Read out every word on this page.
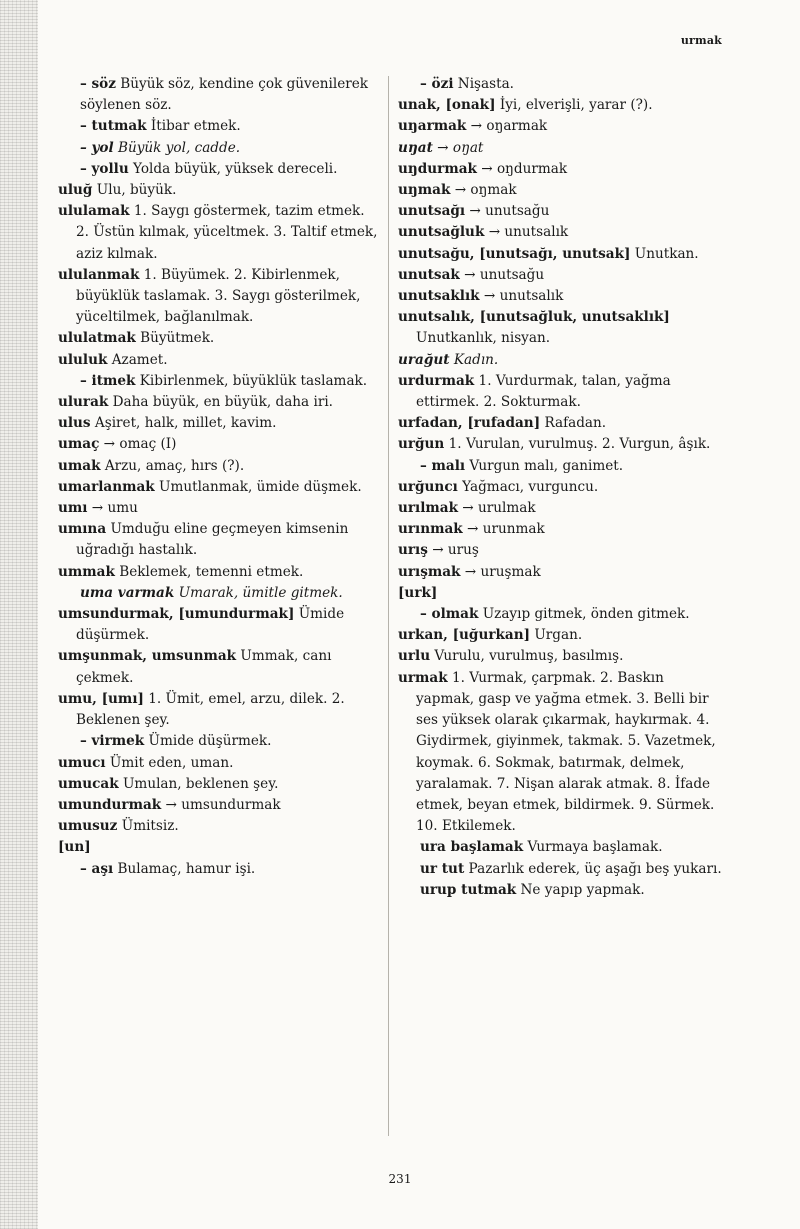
urmak

– söz Büyük söz, kendine çok güvenilerek söylenen söz.

– tutmak İtibar etmek.

– yol Büyük yol, cadde.

– yollu Yolda büyük, yüksek dereceli.

uluğ Ulu, büyük.

ululamak 1. Saygı göstermek, tazim etmek. 2. Üstün kılmak, yüceltmek. 3. Taltif etmek, aziz kılmak.

ululanmak 1. Büyümek. 2. Kibirlenmek, büyüklük taslamak. 3. Saygı gösterilmek, yüceltilmek, bağlanılmak.

ululatmak Büyütmek.

ululuk Azamet.

– itmek Kibirlenmek, büyüklük taslamak.

ulurak Daha büyük, en büyük, daha iri.

ulus Aşiret, halk, millet, kavim.

umaç → omaç (I)

umak Arzu, amaç, hırs (?).

umarlanmak Umutlanmak, ümide düşmek.

umı → umu

umına Umduğu eline geçmeyen kimsenin uğradığı hastalık.

ummak Beklemek, temenni etmek.

uma varmak Umarak, ümitle gitmek.

umsundurmak, [umundurmak] Ümide düşürmek.

umşunmak, umsunmak Ummak, canı çekmek.

umu, [umı] 1. Ümit, emel, arzu, dilek. 2. Beklenen şey.

– virmek Ümide düşürmek.

umucı Ümit eden, uman.

umucak Umulan, beklenen şey.

umundurmak → umsundurmak

umusuz Ümitsiz.

[un]

– aşı Bulamaç, hamur işi.

– özi Nişasta.

unak, [onak] İyi, elverişli, yarar (?).

uŋarmak → oŋarmak

uŋat → oŋat

uŋdurmak → oŋdurmak

uŋmak → oŋmak

unutsağı → unutsağu

unutsağluk → unutsalık

unutsağu, [unutsağı, unutsak] Unutkan.

unutsak → unutsağu

unutsaklık → unutsalık

unutsalık, [unutsağluk, unutsaklık] Unutkanlık, nisyan.

urağut Kadın.

urdurmak 1. Vurdurmak, talan, yağma ettirmek. 2. Sokturmak.

urfadan, [rufadan] Rafadan.

urğun 1. Vurulan, vurulmuş. 2. Vurgun, âşık.

– malı Vurgun malı, ganimet.

urğuncı Yağmacı, vurguncu.

urılmak → urulmak

urınmak → urunmak

urış → uruş

urışmak → uruşmak

[urk]

– olmak Uzayıp gitmek, önden gitmek.

urkan, [uğurkan] Urgan.

urlu Vurulu, vurulmuş, basılmış.

urmak 1. Vurmak, çarpmak. 2. Baskın yapmak, gasp ve yağma etmek. 3. Belli bir ses yüksek olarak çıkarmak, haykırmak. 4. Giydirmek, giyinmek, takmak. 5. Vazetmek, koymak. 6. Sokmak, batırmak, delmek, yaralamak. 7. Nişan alarak atmak. 8. İfade etmek, beyan etmek, bildirmek. 9. Sürmek. 10. Etkilemek.

ura başlamak Vurmaya başlamak.

ur tut Pazarlık ederek, üç aşağı beş yukarı.

urup tutmak Ne yapıp yapmak.

231
